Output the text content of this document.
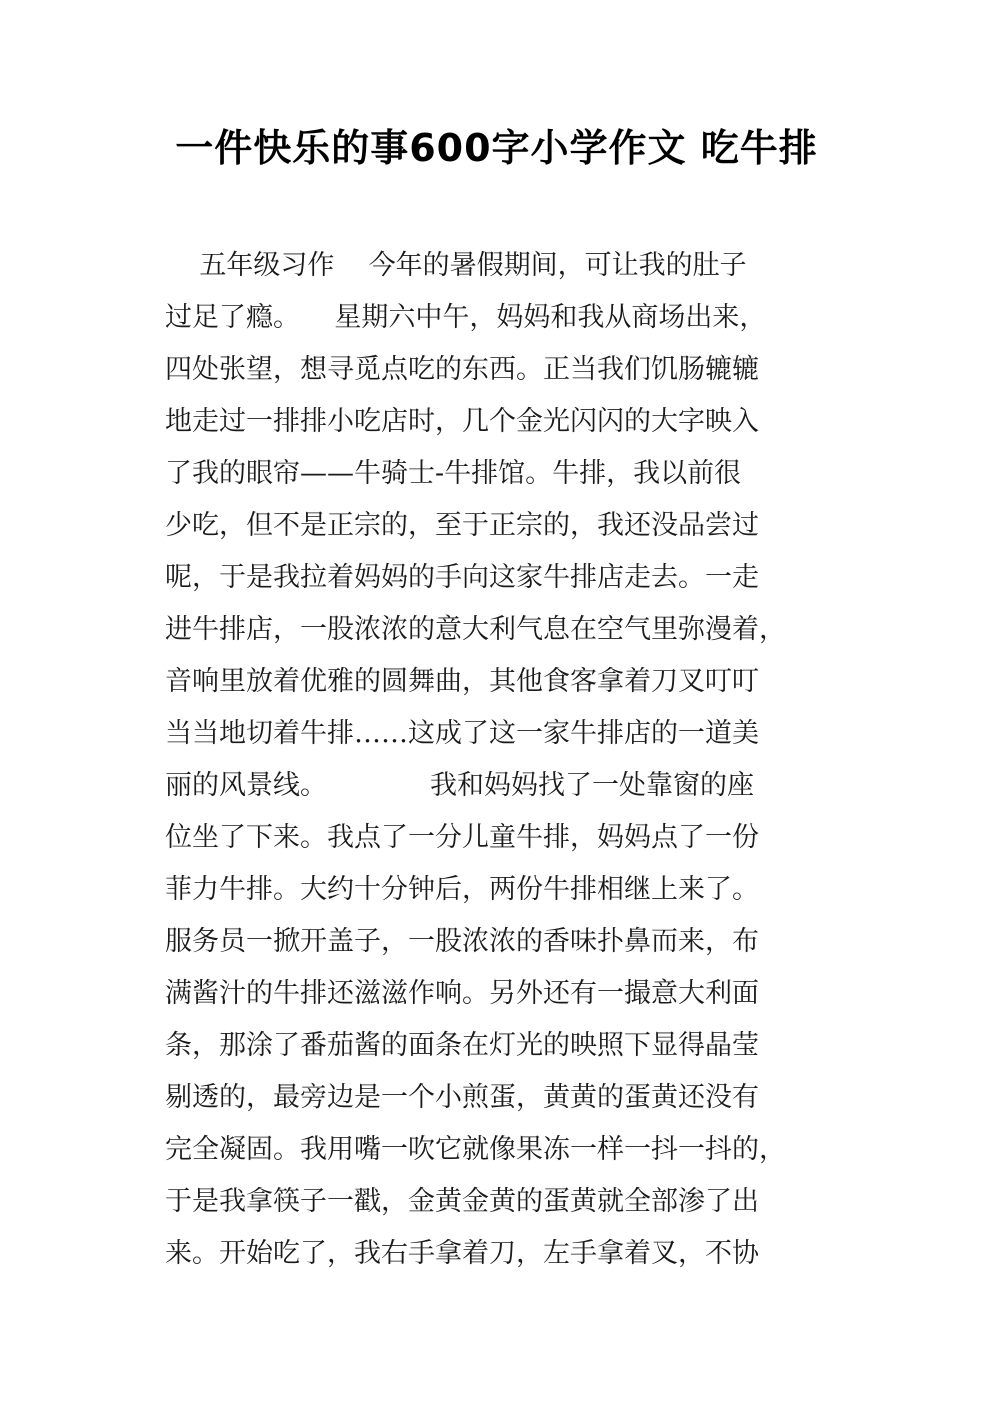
一件快乐的事600字小学作文 吃牛排
五年级习作    今年的暑假期间，可让我的肚子
过足了瘾。    星期六中午，妈妈和我从商场出来，
四处张望，想寻觅点吃的东西。正当我们饥肠辘辘
地走过一排排小吃店时，几个金光闪闪的大字映入
了我的眼帘——牛骑士-牛排馆。牛排，我以前很
少吃，但不是正宗的，至于正宗的，我还没品尝过
呢，于是我拉着妈妈的手向这家牛排店走去。一走
进牛排店，一股浓浓的意大利气息在空气里弥漫着，
音响里放着优雅的圆舞曲，其他食客拿着刀叉叮叮
当当地切着牛排……这成了这一家牛排店的一道美
丽的风景线。            我和妈妈找了一处靠窗的座
位坐了下来。我点了一分儿童牛排，妈妈点了一份
菲力牛排。大约十分钟后，两份牛排相继上来了。
服务员一掀开盖子，一股浓浓的香味扑鼻而来，布
满酱汁的牛排还滋滋作响。另外还有一撮意大利面
条，那涂了番茄酱的面条在灯光的映照下显得晶莹
剔透的，最旁边是一个小煎蛋，黄黄的蛋黄还没有
完全凝固。我用嘴一吹它就像果冻一样一抖一抖的，
于是我拿筷子一戳，金黄金黄的蛋黄就全部渗了出
来。开始吃了，我右手拿着刀，左手拿着叉，不协
